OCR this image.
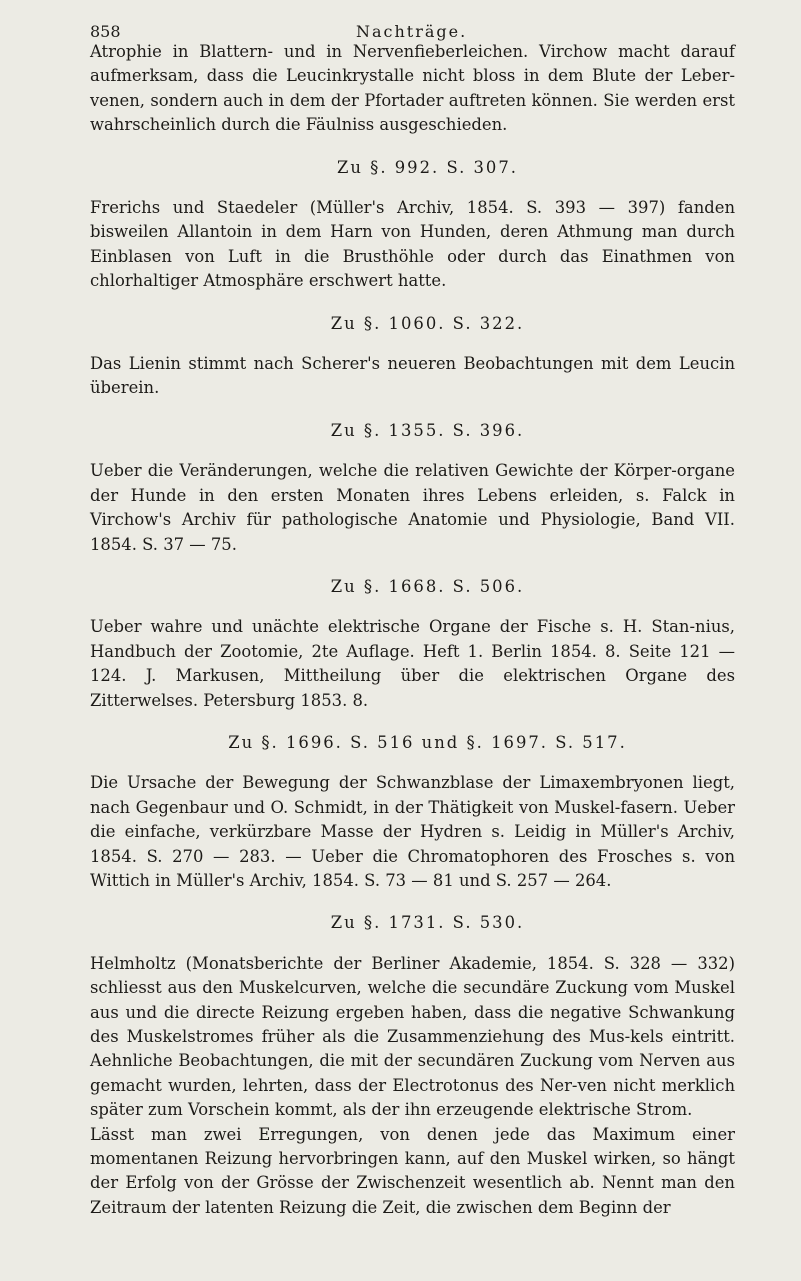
858	Nachträge.

Atrophie in Blattern- und in Nervenfieberleichen. Virchow macht darauf aufmerksam, dass die Leucinkrystalle nicht bloss in dem Blute der Leber-venen, sondern auch in dem der Pfortader auftreten können. Sie werden erst wahrscheinlich durch die Fäulniss ausgeschieden.

Zu §. 992. S. 307.

Frerichs und Staedeler (Müller's Archiv, 1854. S. 393 — 397) fanden bisweilen Allantoin in dem Harn von Hunden, deren Athmung man durch Einblasen von Luft in die Brusthöhle oder durch das Einathmen von chlorhaltiger Atmosphäre erschwert hatte.

Zu §. 1060. S. 322.

Das Lienin stimmt nach Scherer's neueren Beobachtungen mit dem Leucin überein.

Zu §. 1355. S. 396.

Ueber die Veränderungen, welche die relativen Gewichte der Körper-organe der Hunde in den ersten Monaten ihres Lebens erleiden, s. Falck in Virchow's Archiv für pathologische Anatomie und Physiologie, Band VII. 1854. S. 37 — 75.

Zu §. 1668. S. 506.

Ueber wahre und unächte elektrische Organe der Fische s. H. Stan-nius, Handbuch der Zootomie, 2te Auflage. Heft 1. Berlin 1854. 8. Seite 121 — 124. J. Markusen, Mittheilung über die elektrischen Organe des Zitterwelses. Petersburg 1853. 8.

Zu §. 1696. S. 516 und §. 1697. S. 517.

Die Ursache der Bewegung der Schwanzblase der Limaxembryonen liegt, nach Gegenbaur und O. Schmidt, in der Thätigkeit von Muskel-fasern. Ueber die einfache, verkürzbare Masse der Hydren s. Leidig in Müller's Archiv, 1854. S. 270 — 283. — Ueber die Chromatophoren des Frosches s. von Wittich in Müller's Archiv, 1854. S. 73 — 81 und S. 257 — 264.

Zu §. 1731. S. 530.

Helmholtz (Monatsberichte der Berliner Akademie, 1854. S. 328 — 332) schliesst aus den Muskelcurven, welche die secundäre Zuckung vom Muskel aus und die directe Reizung ergeben haben, dass die negative Schwankung des Muskelstromes früher als die Zusammenziehung des Mus-kels eintritt. Aehnliche Beobachtungen, die mit der secundären Zuckung vom Nerven aus gemacht wurden, lehrten, dass der Electrotonus des Ner-ven nicht merklich später zum Vorschein kommt, als der ihn erzeugende elektrische Strom.

Lässt man zwei Erregungen, von denen jede das Maximum einer momentanen Reizung hervorbringen kann, auf den Muskel wirken, so hängt der Erfolg von der Grösse der Zwischenzeit wesentlich ab. Nennt man den Zeitraum der latenten Reizung die Zeit, die zwischen dem Beginn der
